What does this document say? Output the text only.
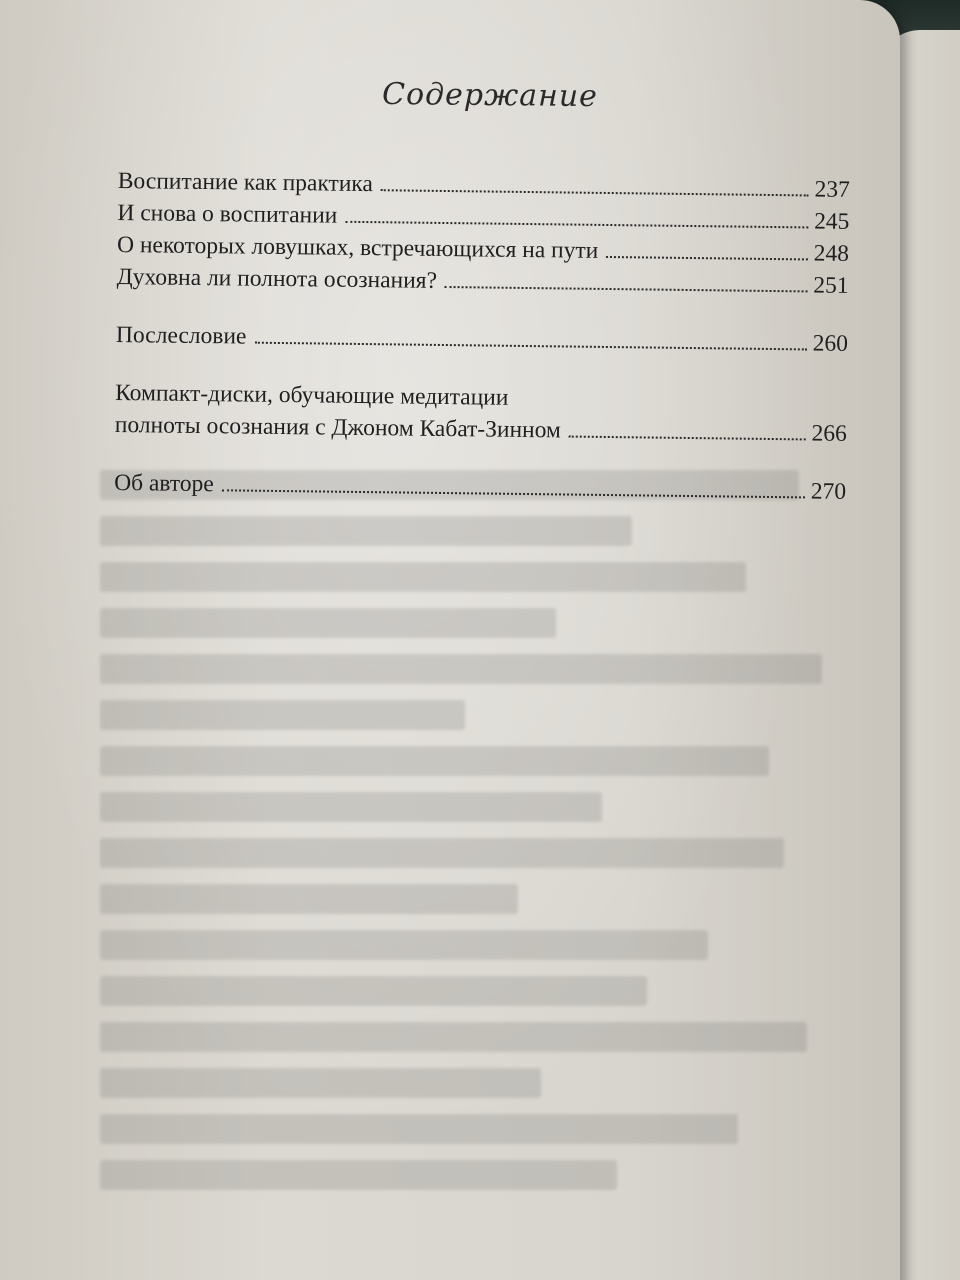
Содержание
Воспитание как практика	237
И снова о воспитании	245
О некоторых ловушках, встречающихся на пути	248
Духовна ли полнота осознания?	251
Послесловие	260
Компакт-диски, обучающие медитации
полноты осознания с Джоном Кабат-Зинном	266
Об авторе	270
